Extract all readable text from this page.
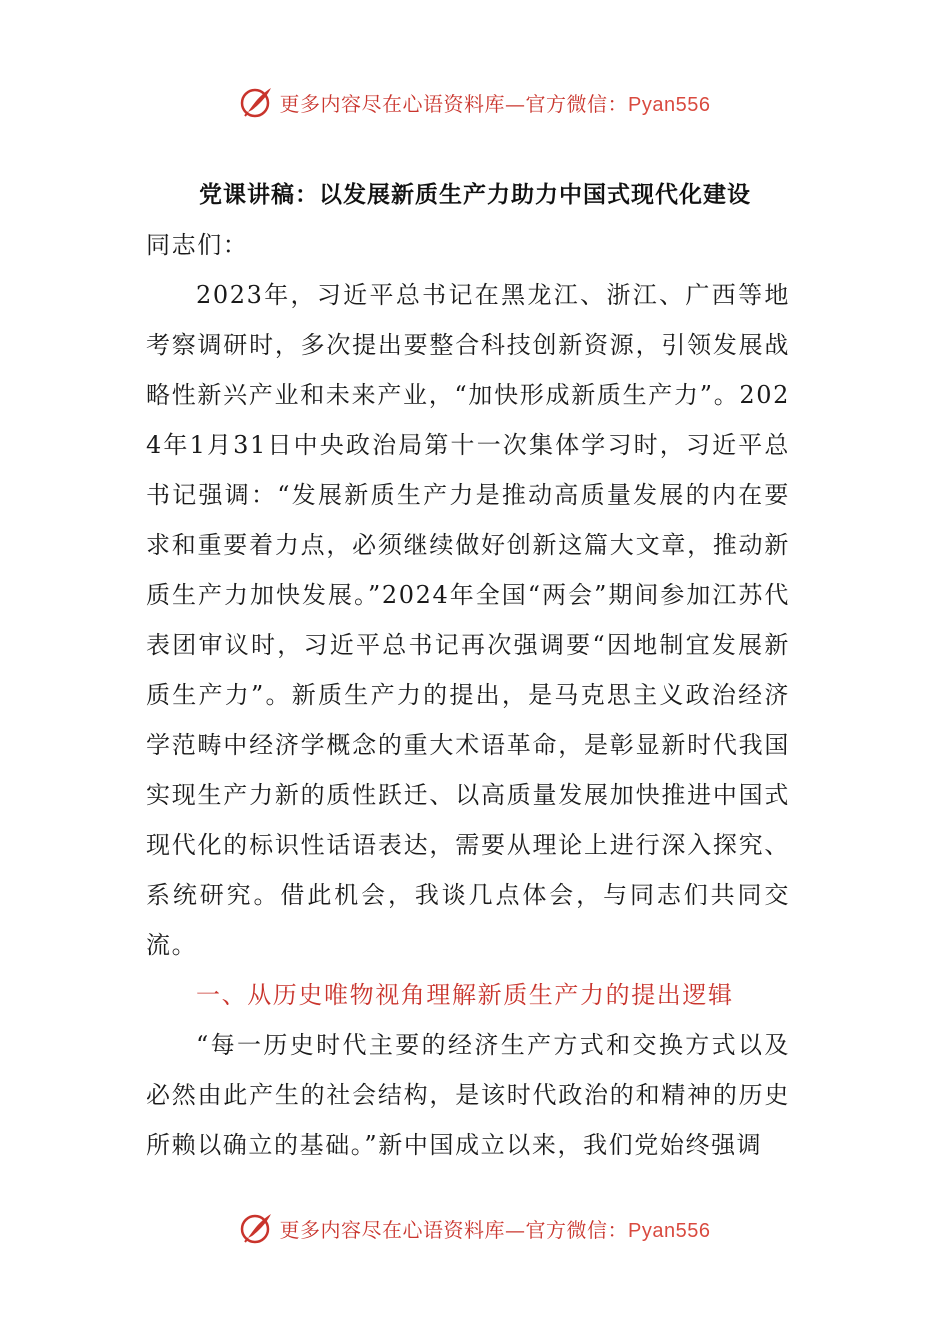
更多内容尽在心语资料库—官方微信：Pyan556
党课讲稿：以发展新质生产力助力中国式现代化建设

同志们：

2023年，习近平总书记在黑龙江、浙江、广西等地考察调研时，多次提出要整合科技创新资源，引领发展战略性新兴产业和未来产业，“加快形成新质生产力”。2024年1月31日中央政治局第十一次集体学习时，习近平总书记强调：“发展新质生产力是推动高质量发展的内在要求和重要着力点，必须继续做好创新这篇大文章，推动新质生产力加快发展。”2024年全国“两会”期间参加江苏代表团审议时，习近平总书记再次强调要“因地制宜发展新质生产力”。新质生产力的提出，是马克思主义政治经济学范畴中经济学概念的重大术语革命，是彰显新时代我国实现生产力新的质性跃迁、以高质量发展加快推进中国式现代化的标识性话语表达，需要从理论上进行深入探究、系统研究。借此机会，我谈几点体会，与同志们共同交流。

一、从历史唯物视角理解新质生产力的提出逻辑

“每一历史时代主要的经济生产方式和交换方式以及必然由此产生的社会结构，是该时代政治的和精神的历史所赖以确立的基础。”新中国成立以来，我们党始终强调

更多内容尽在心语资料库—官方微信：Pyan556
